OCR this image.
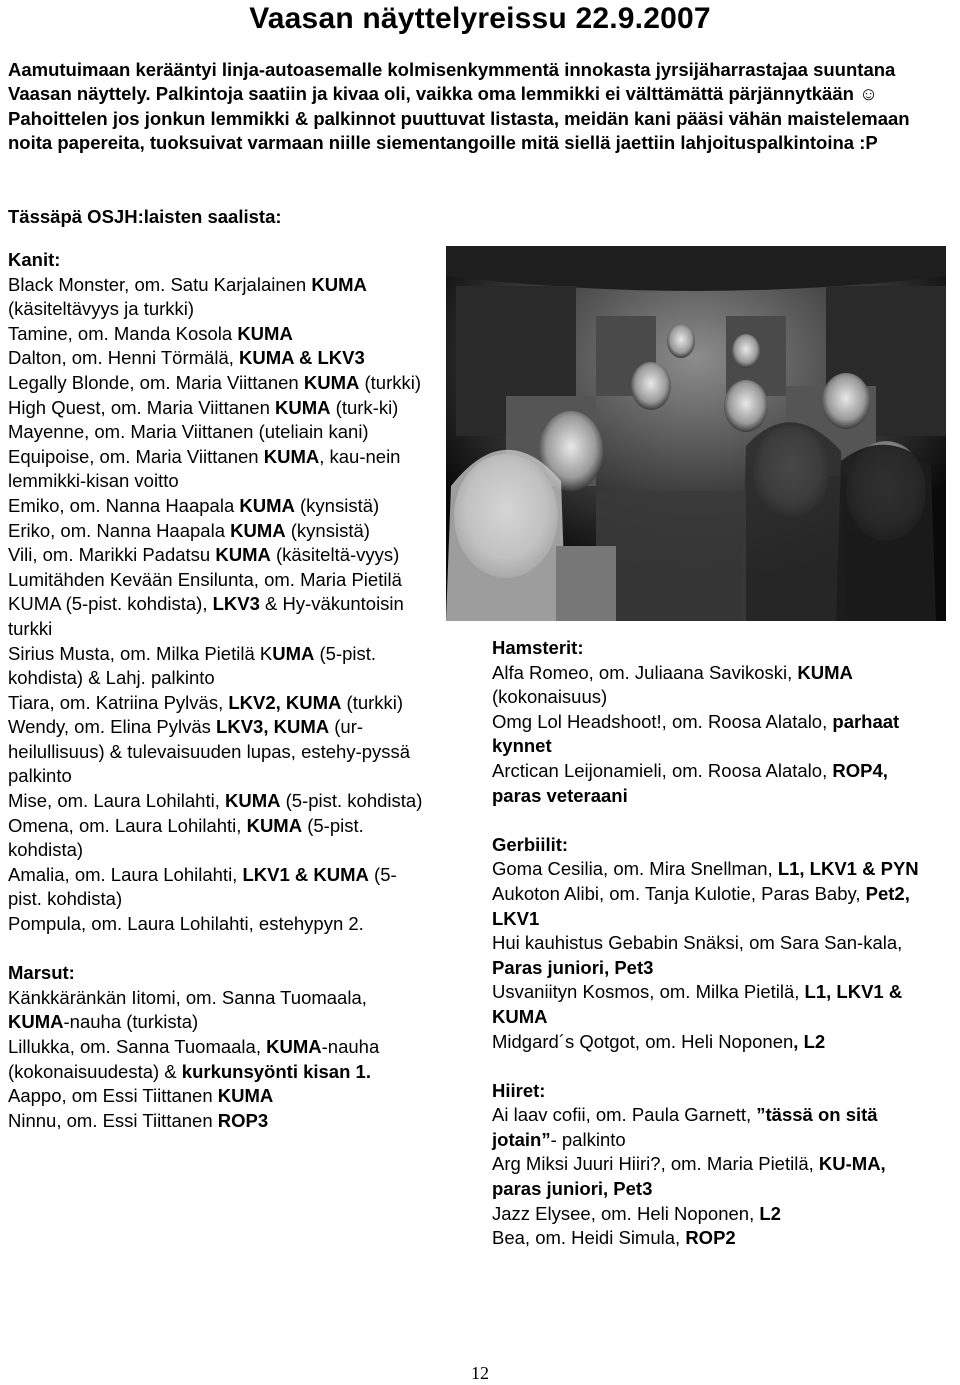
Vaasan näyttelyreissu 22.9.2007
Aamutuimaan kerääntyi linja-autoasemalle kolmisenkymmentä innokasta jyrsijäharrastajaa suuntana Vaasan näyttely. Palkintoja saatiin ja kivaa oli, vaikka oma lemmikki ei välttämättä pärjännytkään ☺ Pahoittelen jos jonkun lemmikki & palkinnot puuttuvat listasta, meidän kani pääsi vähän maistelemaan noita papereita, tuoksuivat varmaan niille siementangoille mitä siellä jaettiin lahjoituspalkintoina :P
Tässäpä OSJH:laisten saalista:
Kanit:
Black Monster, om. Satu Karjalainen KUMA (käsiteltävyys ja turkki)
Tamine, om. Manda Kosola KUMA
Dalton, om. Henni Törmälä, KUMA & LKV3
Legally Blonde, om. Maria Viittanen KUMA (turkki)
High Quest, om. Maria Viittanen KUMA (turk-ki)
Mayenne, om. Maria Viittanen (uteliain kani)
Equipoise, om. Maria Viittanen KUMA, kau-nein lemmikki-kisan voitto
Emiko, om. Nanna Haapala KUMA (kynsistä)
Eriko, om. Nanna Haapala KUMA (kynsistä)
Vili, om. Marikki Padatsu KUMA (käsiteltä-vyys)
Lumitähden Kevään Ensilunta, om. Maria Pietilä KUMA (5-pist. kohdista), LKV3 & Hy-väkuntoisin turkki
Sirius Musta, om. Milka Pietilä KUMA (5-pist. kohdista) & Lahj. palkinto
Tiara, om. Katriina Pylväs, LKV2, KUMA (turkki)
Wendy, om. Elina Pylväs LKV3, KUMA (ur-heilullisuus) & tulevaisuuden lupas, estehy-pyssä palkinto
Mise, om. Laura Lohilahti, KUMA (5-pist. kohdista)
Omena, om. Laura Lohilahti, KUMA (5-pist. kohdista)
Amalia, om. Laura Lohilahti, LKV1 & KUMA (5-pist. kohdista)
Pompula, om. Laura Lohilahti, estehypyn 2.
Marsut:
Känkkäränkän Iitomi, om. Sanna Tuomaala, KUMA-nauha (turkista)
Lillukka, om. Sanna Tuomaala, KUMA-nauha (kokonaisuudesta) & kurkunsyönti kisan 1.
Aappo, om Essi Tiittanen KUMA
Ninnu, om. Essi Tiittanen ROP3
Hamsterit:
Alfa Romeo, om. Juliaana Savikoski, KUMA (kokonaisuus)
Omg Lol Headshoot!, om. Roosa Alatalo, parhaat kynnet
Arctican Leijonamieli, om. Roosa Alatalo, ROP4, paras veteraani
Gerbiilit:
Goma Cesilia, om. Mira Snellman, L1, LKV1 & PYN
Aukoton Alibi, om. Tanja Kulotie, Paras Baby, Pet2, LKV1
Hui kauhistus Gebabin Snäksi, om Sara San-kala, Paras juniori, Pet3
Usvaniityn Kosmos, om. Milka Pietilä, L1, LKV1 & KUMA
Midgard´s Qotgot, om. Heli Noponen, L2
Hiiret:
Ai laav cofii, om. Paula Garnett, ”tässä on sitä jotain”- palkinto
Arg Miksi Juuri Hiiri?, om. Maria Pietilä, KU-MA, paras juniori, Pet3
Jazz Elysee, om. Heli Noponen, L2
Bea, om. Heidi Simula, ROP2
12
